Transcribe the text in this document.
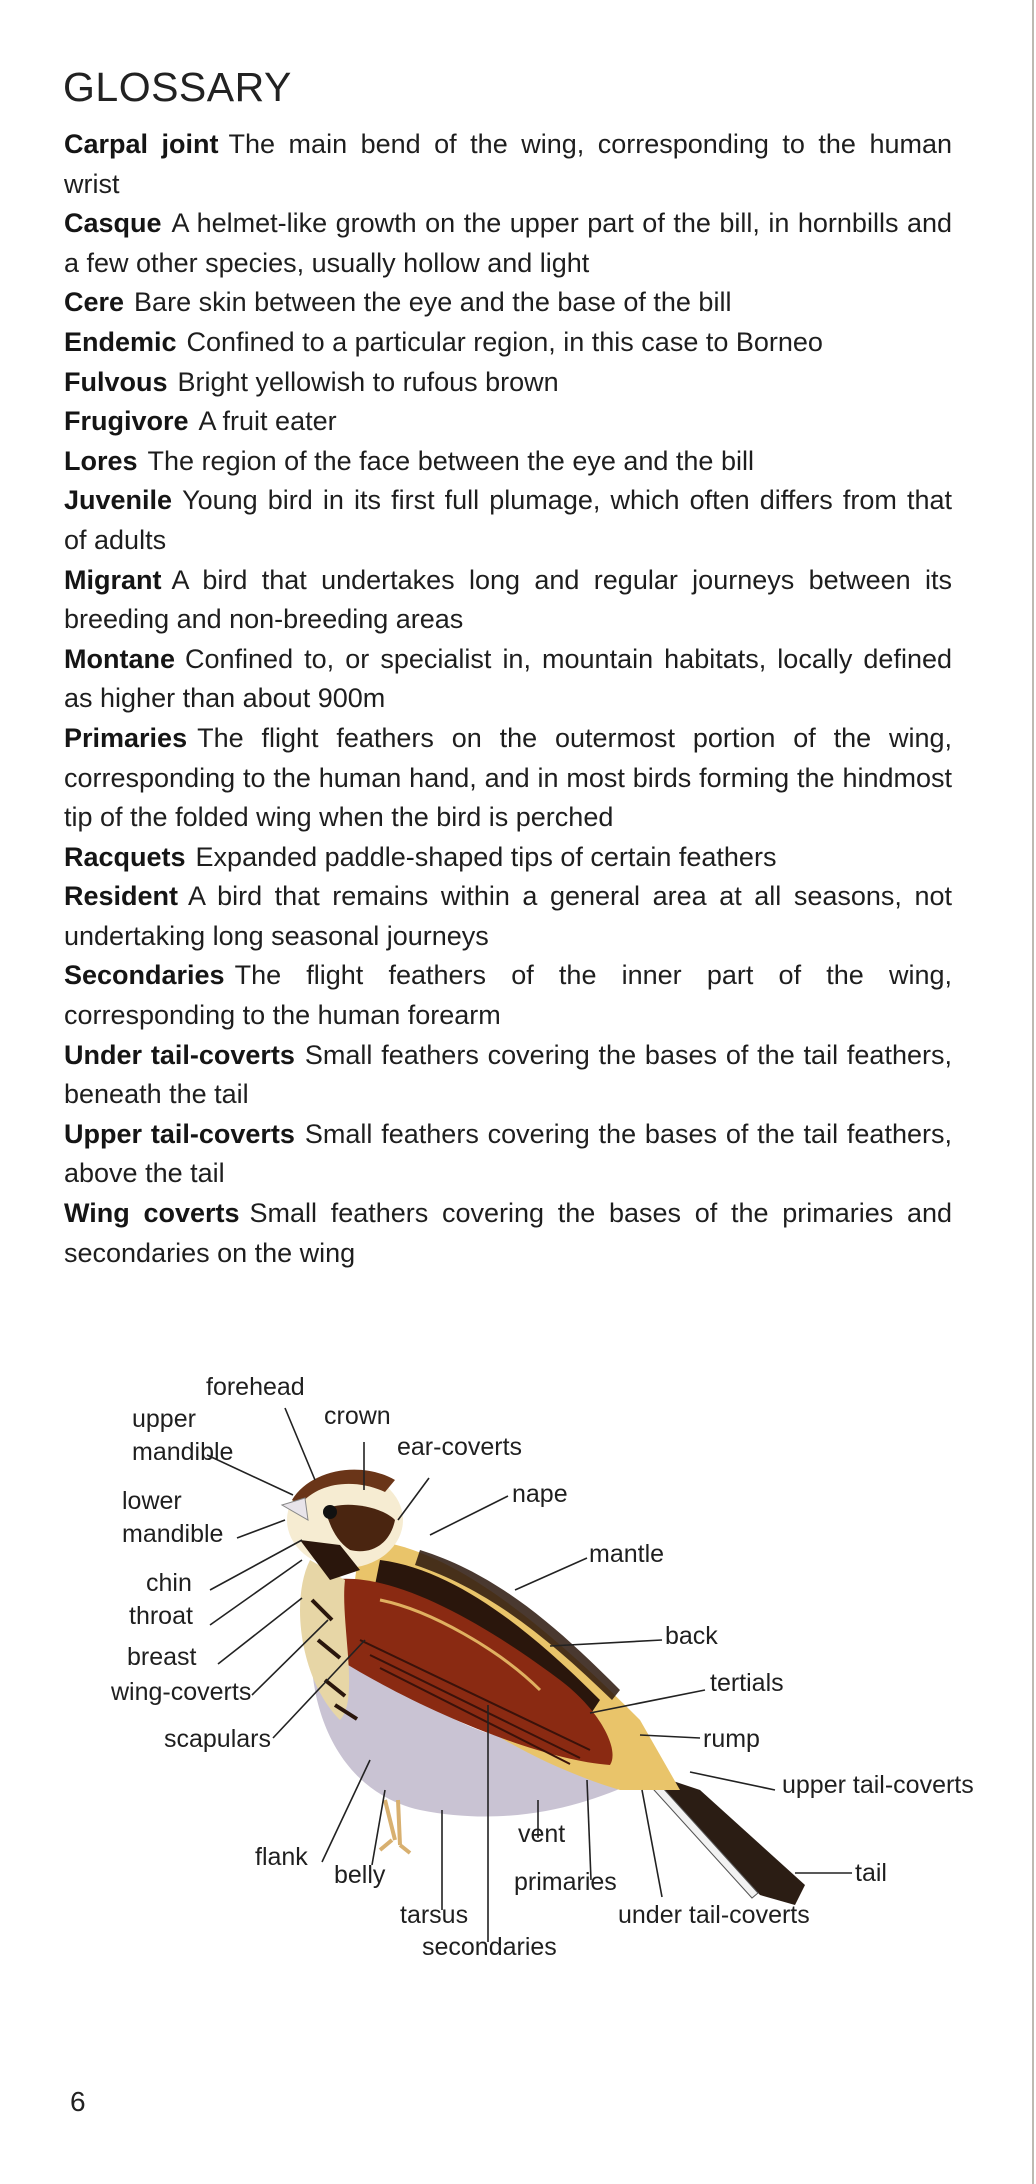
GLOSSARY
Carpal joint The main bend of the wing, corresponding to the human wrist
Casque A helmet-like growth on the upper part of the bill, in hornbills and a few other species, usually hollow and light
Cere Bare skin between the eye and the base of the bill
Endemic Confined to a particular region, in this case to Borneo
Fulvous Bright yellowish to rufous brown
Frugivore A fruit eater
Lores The region of the face between the eye and the bill
Juvenile Young bird in its first full plumage, which often differs from that of adults
Migrant A bird that undertakes long and regular journeys between its breeding and non-breeding areas
Montane Confined to, or specialist in, mountain habitats, locally defined as higher than about 900m
Primaries The flight feathers on the outermost portion of the wing, corresponding to the human hand, and in most birds forming the hindmost tip of the folded wing when the bird is perched
Racquets Expanded paddle-shaped tips of certain feathers
Resident A bird that remains within a general area at all seasons, not undertaking long seasonal journeys
Secondaries The flight feathers of the inner part of the wing, corresponding to the human forearm
Under tail-coverts Small feathers covering the bases of the tail feathers, beneath the tail
Upper tail-coverts Small feathers covering the bases of the tail feathers, above the tail
Wing coverts Small feathers covering the bases of the primaries and secondaries on the wing
forehead
upper
mandible
crown
ear-coverts
lower
mandible
nape
chin
throat
mantle
breast
wing-coverts
back
tertials
scapulars	rump
upper tail-coverts
vent
tail
flank
belly	primaries
tarsus	under tail-coverts
secondaries
6
